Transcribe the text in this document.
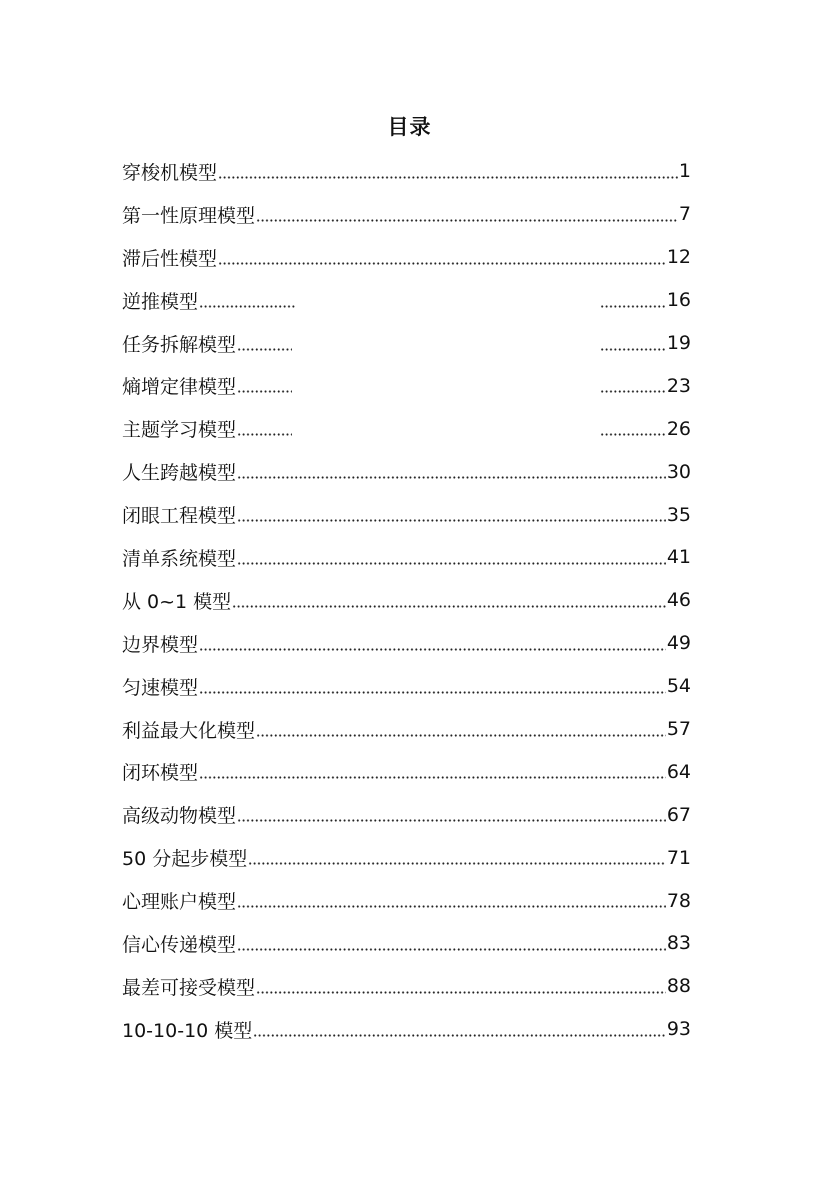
目录
穿梭机模型	1
第一性原理模型	7
滞后性模型	12
逆推模型	16
任务拆解模型	19
熵增定律模型	23
主题学习模型	26
人生跨越模型	30
闭眼工程模型	35
清单系统模型	41
从 0~1 模型	46
边界模型	49
匀速模型	54
利益最大化模型	57
闭环模型	64
高级动物模型	67
50 分起步模型	71
心理账户模型	78
信心传递模型	83
最差可接受模型	88
10-10-10 模型	93
